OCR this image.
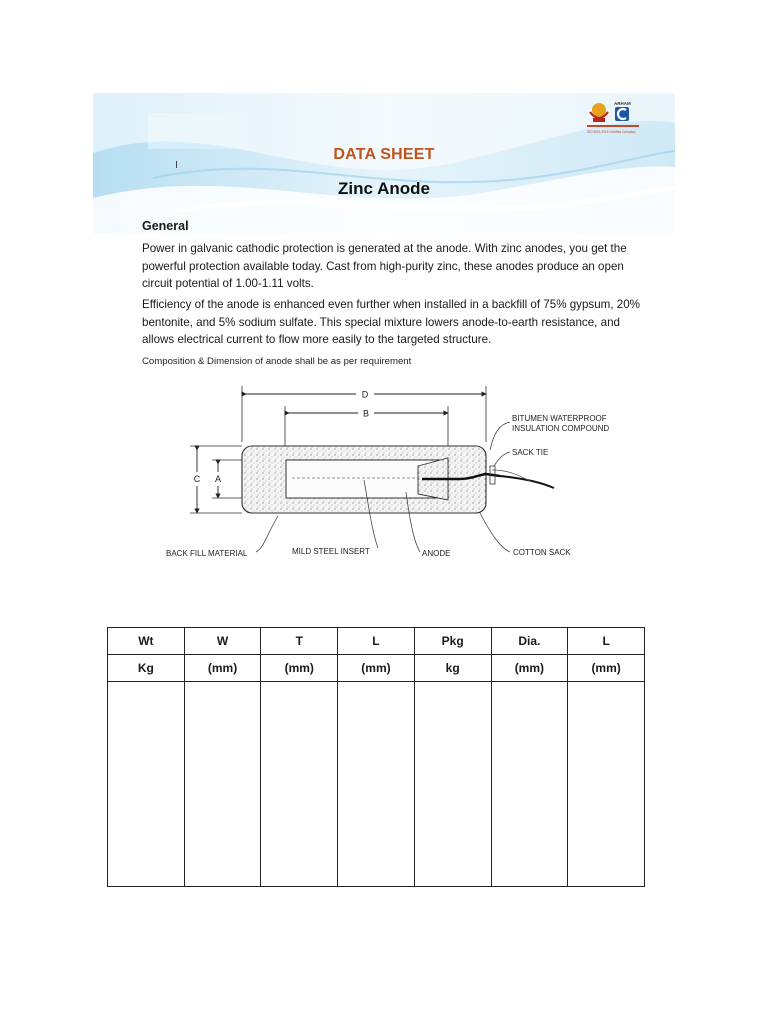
ARHAM
ISO 9001:2015 Certified Company
DATA SHEET
Zinc Anode
General
Power in galvanic cathodic protection is generated at the anode. With zinc anodes, you get the powerful protection available today. Cast from high-purity zinc, these anodes produce an open circuit potential of 1.00-1.11 volts.
Efficiency of the anode is enhanced even further when installed in a backfill of 75% gypsum, 20% bentonite, and 5% sodium sulfate. This special mixture lowers anode-to-earth resistance, and allows electrical current to flow more easily to the targeted structure.
Composition & Dimension of anode shall be as per requirement
D
B
C A
BITUMEN WATERPROOF
INSULATION COMPOUND
SACK TIE
BACK FILL MATERIAL	MILD STEEL INSERT	ANODE	COTTON SACK
Wt	W	T	L	Pkg	Dia.	L
Kg	(mm)	(mm)	(mm)	kg	(mm)	(mm)
